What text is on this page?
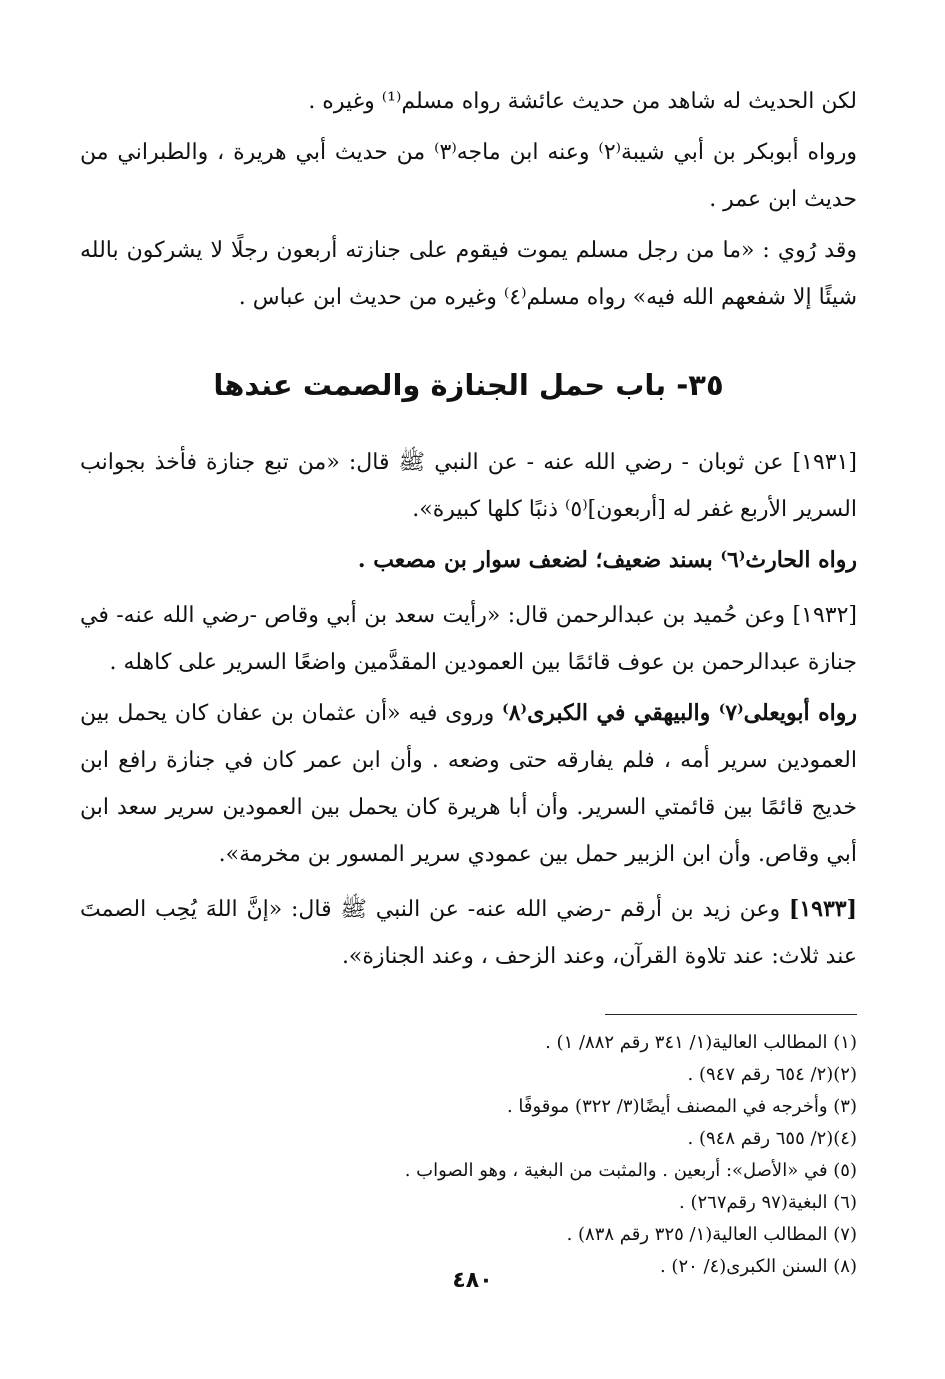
لكن الحديث له شاهد من حديث عائشة رواه مسلم⁽¹⁾ وغيره .

ورواه أبوبكر بن أبي شيبة⁽٢⁾ وعنه ابن ماجه⁽٣⁾ من حديث أبي هريرة ، والطبراني من حديث ابن عمر .

وقد رُوي : «ما من رجل مسلم يموت فيقوم على جنازته أربعون رجلًا لا يشركون بالله شيئًا إلا شفعهم الله فيه» رواه مسلم⁽٤⁾ وغيره من حديث ابن عباس .

٣٥- باب حمل الجنازة والصمت عندها

[١٩٣١] عن ثوبان - رضي الله عنه - عن النبي ﷺ قال: «من تبع جنازة فأخذ بجوانب السرير الأربع غفر له [أربعون]⁽٥⁾ ذنبًا كلها كبيرة».

رواه الحارث⁽٦⁾ بسند ضعيف؛ لضعف سوار بن مصعب .

[١٩٣٢] وعن حُميد بن عبدالرحمن قال: «رأيت سعد بن أبي وقاص -رضي الله عنه- في جنازة عبدالرحمن بن عوف قائمًا بين العمودين المقدَّمين واضعًا السرير على كاهله .

رواه أبويعلى⁽٧⁾ والبيهقي في الكبرى⁽٨⁾ وروى فيه «أن عثمان بن عفان كان يحمل بين العمودين سرير أمه ، فلم يفارقه حتى وضعه . وأن ابن عمر كان في جنازة رافع ابن خديج قائمًا بين قائمتي السرير. وأن أبا هريرة كان يحمل بين العمودين سرير سعد ابن أبي وقاص. وأن ابن الزبير حمل بين عمودي سرير المسور بن مخرمة».

[١٩٣٣] وعن زيد بن أرقم -رضي الله عنه- عن النبي ﷺ قال: «إنَّ اللهَ يُحِب الصمتَ عند ثلاث: عند تلاوة القرآن، وعند الزحف ، وعند الجنازة».

(١) المطالب العالية(١/ ٣٤١ رقم ٨٨٢/ ١) .
(٢)(٢/ ٦٥٤ رقم ٩٤٧) .
(٣) وأخرجه في المصنف أيضًا(٣/ ٣٢٢) موقوفًا .
(٤)(٢/ ٦٥٥ رقم ٩٤٨) .
(٥) في «الأصل»: أربعين . والمثبت من البغية ، وهو الصواب .
(٦) البغية(٩٧ رقم٢٦٧) .
(٧) المطالب العالية(١/ ٣٢٥ رقم ٨٣٨) .
(٨) السنن الكبرى(٤/ ٢٠) .
٤٨٠
